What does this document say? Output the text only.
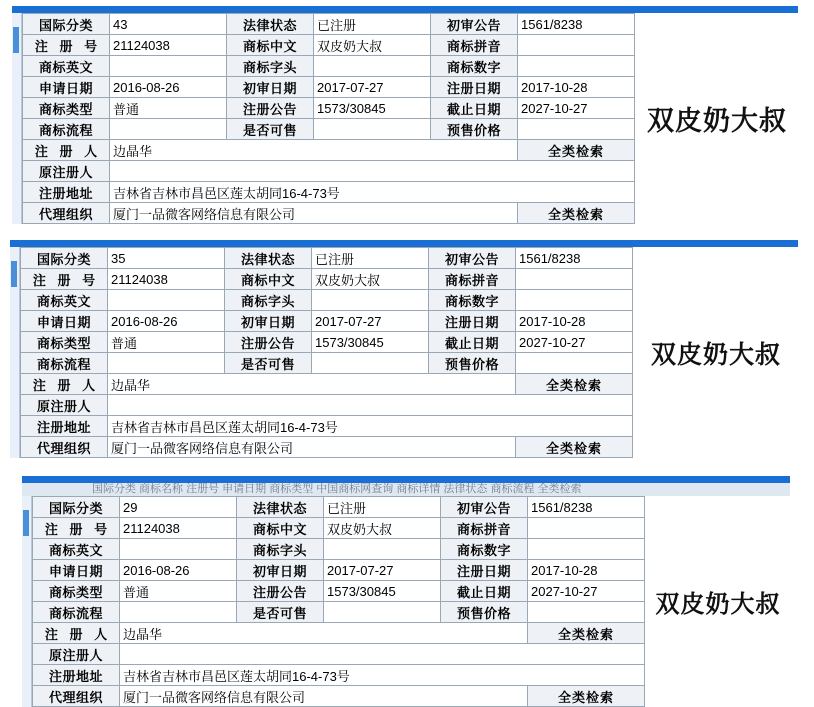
国际分类	43	法律状态	已注册	初审公告	1561/8238
注 册 号	21124038	商标中文	双皮奶大叔	商标拼音	
商标英文		商标字头		商标数字	
申请日期	2016-08-26	初审日期	2017-07-27	注册日期	2017-10-28
商标类型	普通	注册公告	1573/30845	截止日期	2027-10-27
商标流程		是否可售		预售价格	
注 册 人	边晶华				全类检索
原注册人					
注册地址	吉林省吉林市昌邑区莲太胡同16-4-73号				
代理组织	厦门一品微客网络信息有限公司				全类检索
双皮奶大叔
国际分类	35	法律状态	已注册	初审公告	1561/8238
注 册 号	21124038	商标中文	双皮奶大叔	商标拼音	
商标英文		商标字头		商标数字	
申请日期	2016-08-26	初审日期	2017-07-27	注册日期	2017-10-28
商标类型	普通	注册公告	1573/30845	截止日期	2027-10-27
商标流程		是否可售		预售价格	
注 册 人	边晶华				全类检索
原注册人					
注册地址	吉林省吉林市昌邑区莲太胡同16-4-73号				
代理组织	厦门一品微客网络信息有限公司				全类检索
双皮奶大叔
国际分类 商标名称 注册号 申请日期 商标类型 中国商标网查询 商标详情 法律状态 商标流程 全类检索
国际分类	29	法律状态	已注册	初审公告	1561/8238
注 册 号	21124038	商标中文	双皮奶大叔	商标拼音	
商标英文		商标字头		商标数字	
申请日期	2016-08-26	初审日期	2017-07-27	注册日期	2017-10-28
商标类型	普通	注册公告	1573/30845	截止日期	2027-10-27
商标流程		是否可售		预售价格	
注 册 人	边晶华				全类检索
原注册人					
注册地址	吉林省吉林市昌邑区莲太胡同16-4-73号				
代理组织	厦门一品微客网络信息有限公司				全类检索
双皮奶大叔
